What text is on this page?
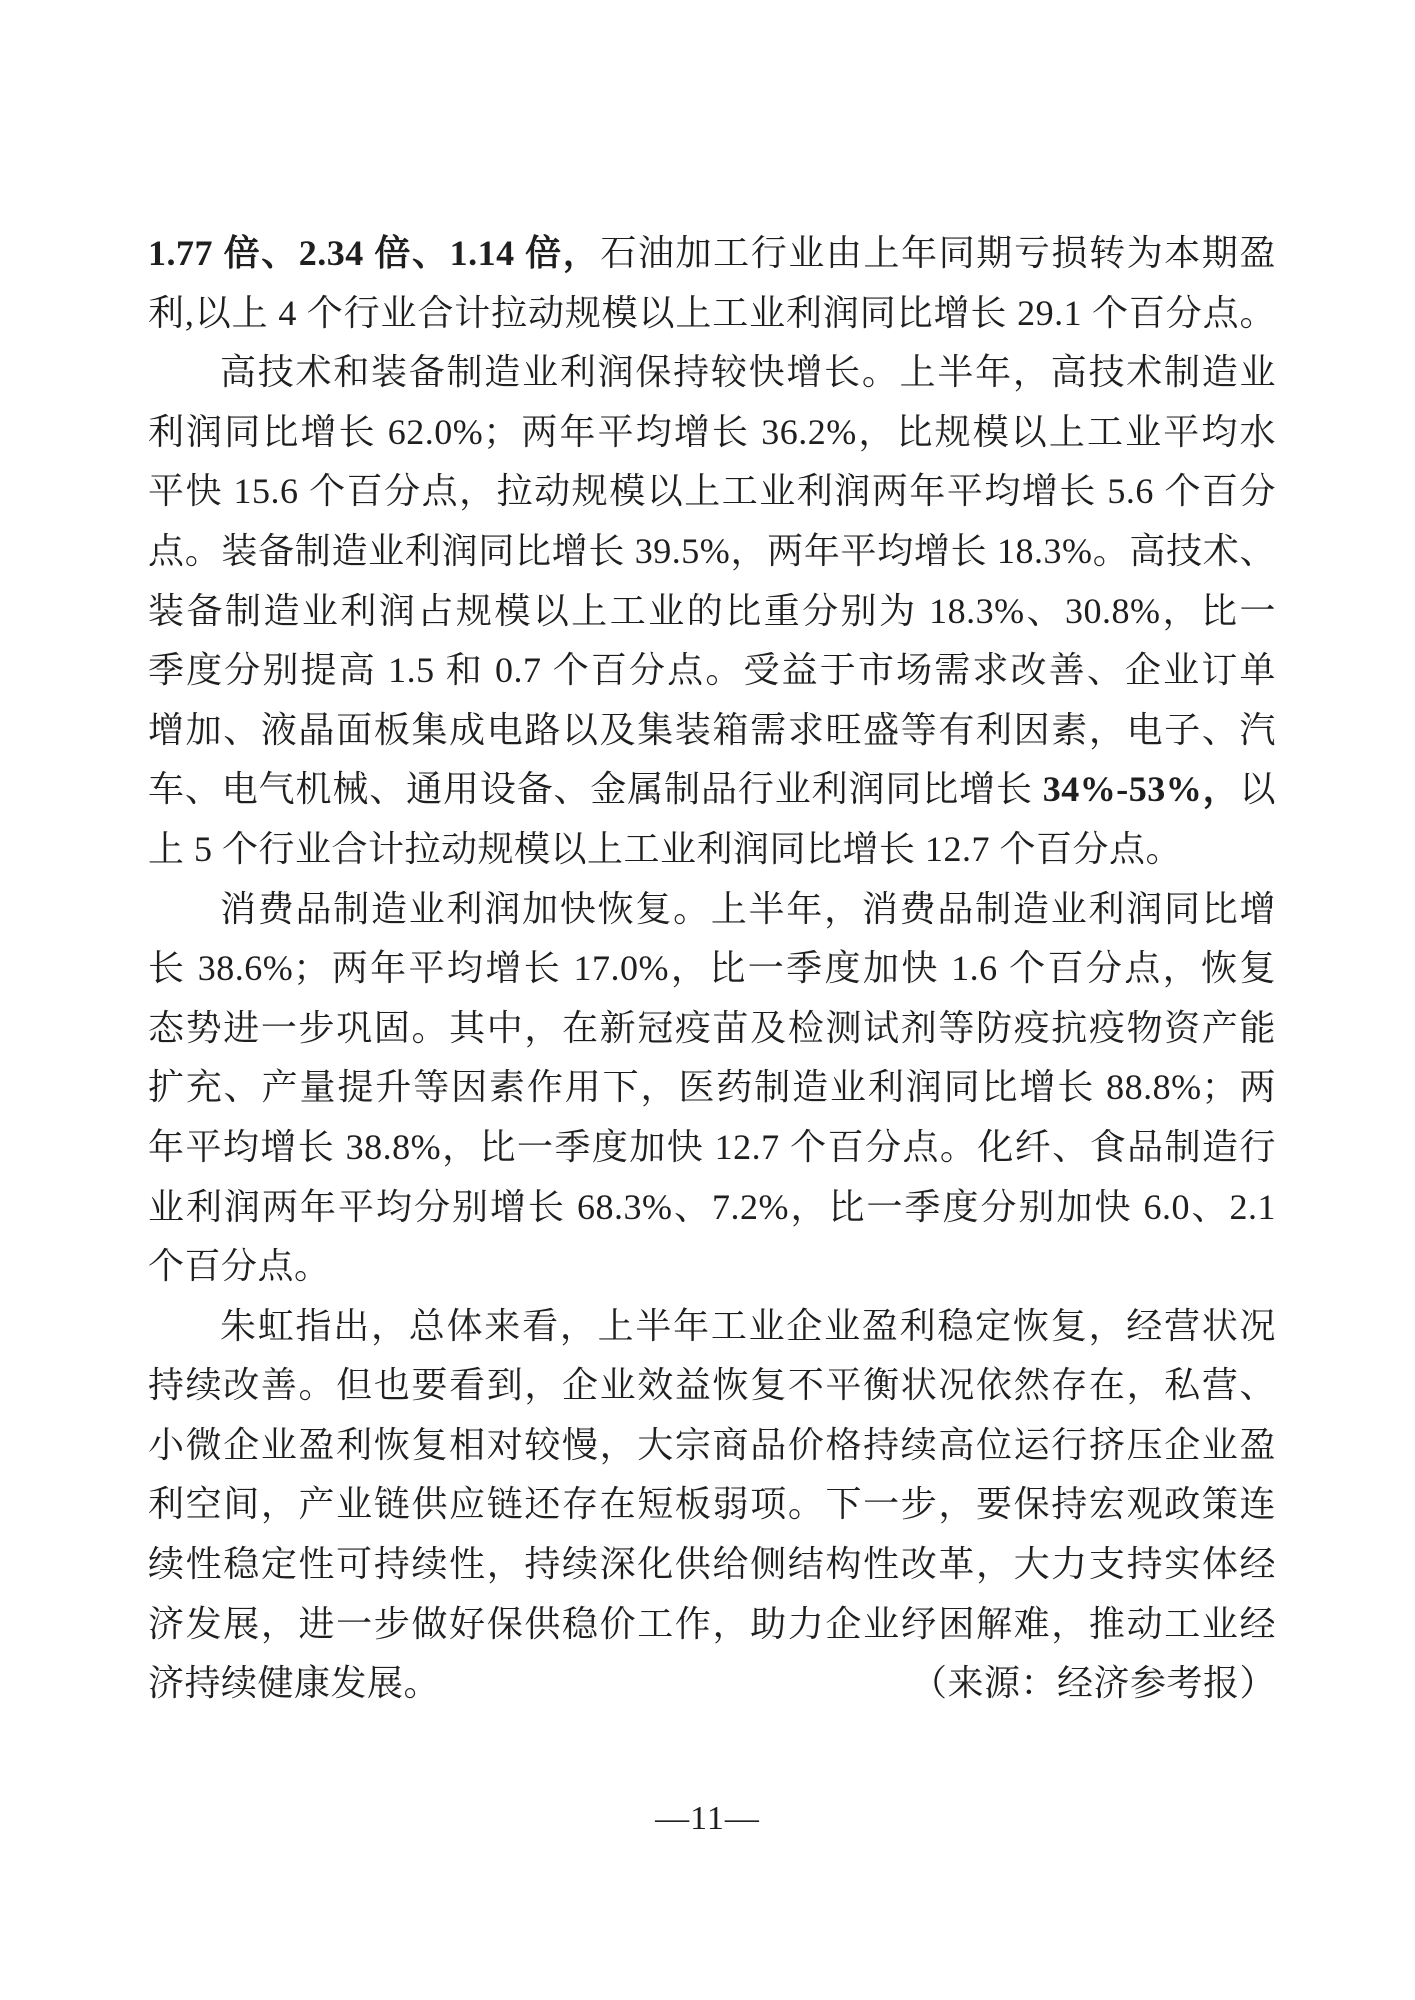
1.77 倍、2.34 倍、1.14 倍，石油加工行业由上年同期亏损转为本期盈
利,以上 4 个行业合计拉动规模以上工业利润同比增长 29.1 个百分点。
高技术和装备制造业利润保持较快增长。上半年，高技术制造业
利润同比增长 62.0%；两年平均增长 36.2%，比规模以上工业平均水
平快 15.6 个百分点，拉动规模以上工业利润两年平均增长 5.6 个百分
点。装备制造业利润同比增长 39.5%，两年平均增长 18.3%。高技术、
装备制造业利润占规模以上工业的比重分别为 18.3%、30.8%，比一
季度分别提高 1.5 和 0.7 个百分点。受益于市场需求改善、企业订单
增加、液晶面板集成电路以及集装箱需求旺盛等有利因素，电子、汽
车、电气机械、通用设备、金属制品行业利润同比增长 34%-53%，以
上 5 个行业合计拉动规模以上工业利润同比增长 12.7 个百分点。
消费品制造业利润加快恢复。上半年，消费品制造业利润同比增
长 38.6%；两年平均增长 17.0%，比一季度加快 1.6 个百分点，恢复
态势进一步巩固。其中，在新冠疫苗及检测试剂等防疫抗疫物资产能
扩充、产量提升等因素作用下，医药制造业利润同比增长 88.8%；两
年平均增长 38.8%，比一季度加快 12.7 个百分点。化纤、食品制造行
业利润两年平均分别增长 68.3%、7.2%，比一季度分别加快 6.0、2.1
个百分点。
朱虹指出，总体来看，上半年工业企业盈利稳定恢复，经营状况
持续改善。但也要看到，企业效益恢复不平衡状况依然存在，私营、
小微企业盈利恢复相对较慢，大宗商品价格持续高位运行挤压企业盈
利空间，产业链供应链还存在短板弱项。下一步，要保持宏观政策连
续性稳定性可持续性，持续深化供给侧结构性改革，大力支持实体经
济发展，进一步做好保供稳价工作，助力企业纾困解难，推动工业经
济持续健康发展。	（来源：经济参考报）
—11—
